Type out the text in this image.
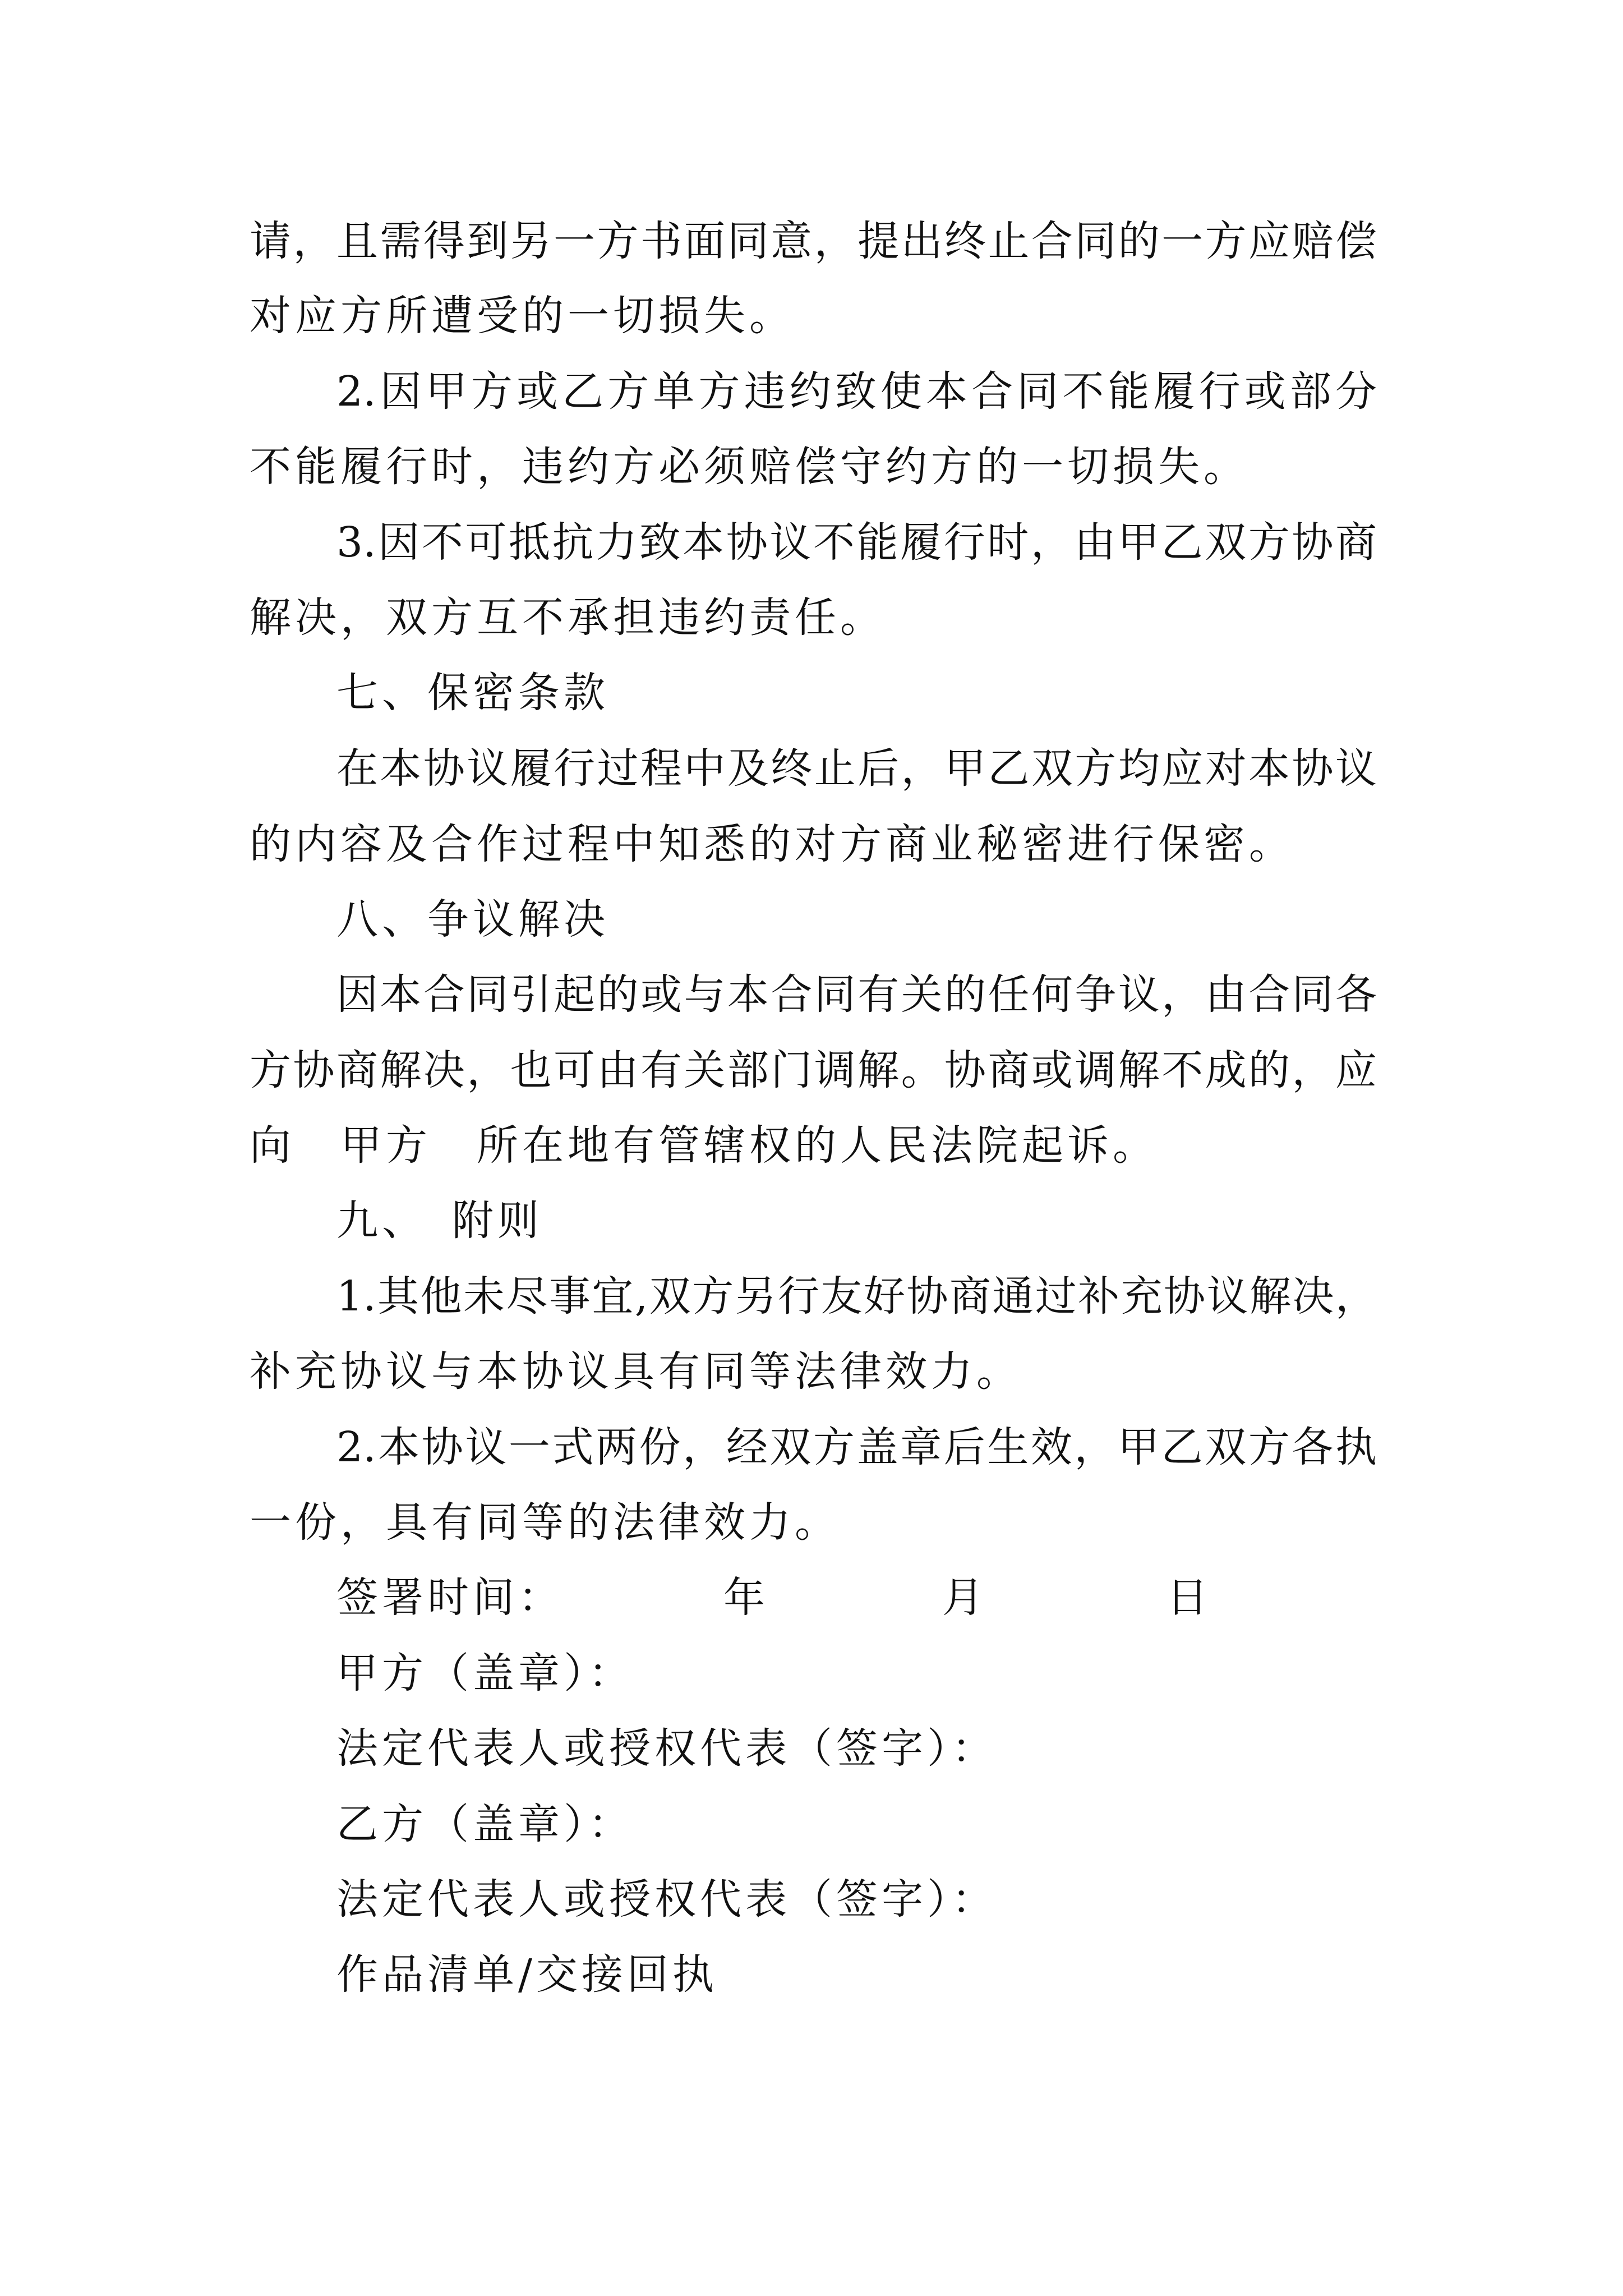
请，且需得到另一方书面同意，提出终止合同的一方应赔偿
对应方所遭受的一切损失。
2.因甲方或乙方单方违约致使本合同不能履行或部分
不能履行时，违约方必须赔偿守约方的一切损失。
3.因不可抵抗力致本协议不能履行时，由甲乙双方协商
解决，双方互不承担违约责任。
七、保密条款
在本协议履行过程中及终止后，甲乙双方均应对本协议
的内容及合作过程中知悉的对方商业秘密进行保密。
八、争议解决
因本合同引起的或与本合同有关的任何争议，由合同各
方协商解决，也可由有关部门调解。协商或调解不成的，应
向　甲方　所在地有管辖权的人民法院起诉。
九、　附则
1.其他未尽事宜,双方另行友好协商通过补充协议解决，
补充协议与本协议具有同等法律效力。
2.本协议一式两份，经双方盖章后生效，甲乙双方各执
一份，具有同等的法律效力。
签署时间：	年	月	日
甲方（盖章）：
法定代表人或授权代表（签字）：
乙方（盖章）：
法定代表人或授权代表（签字）：
作品清单/交接回执
